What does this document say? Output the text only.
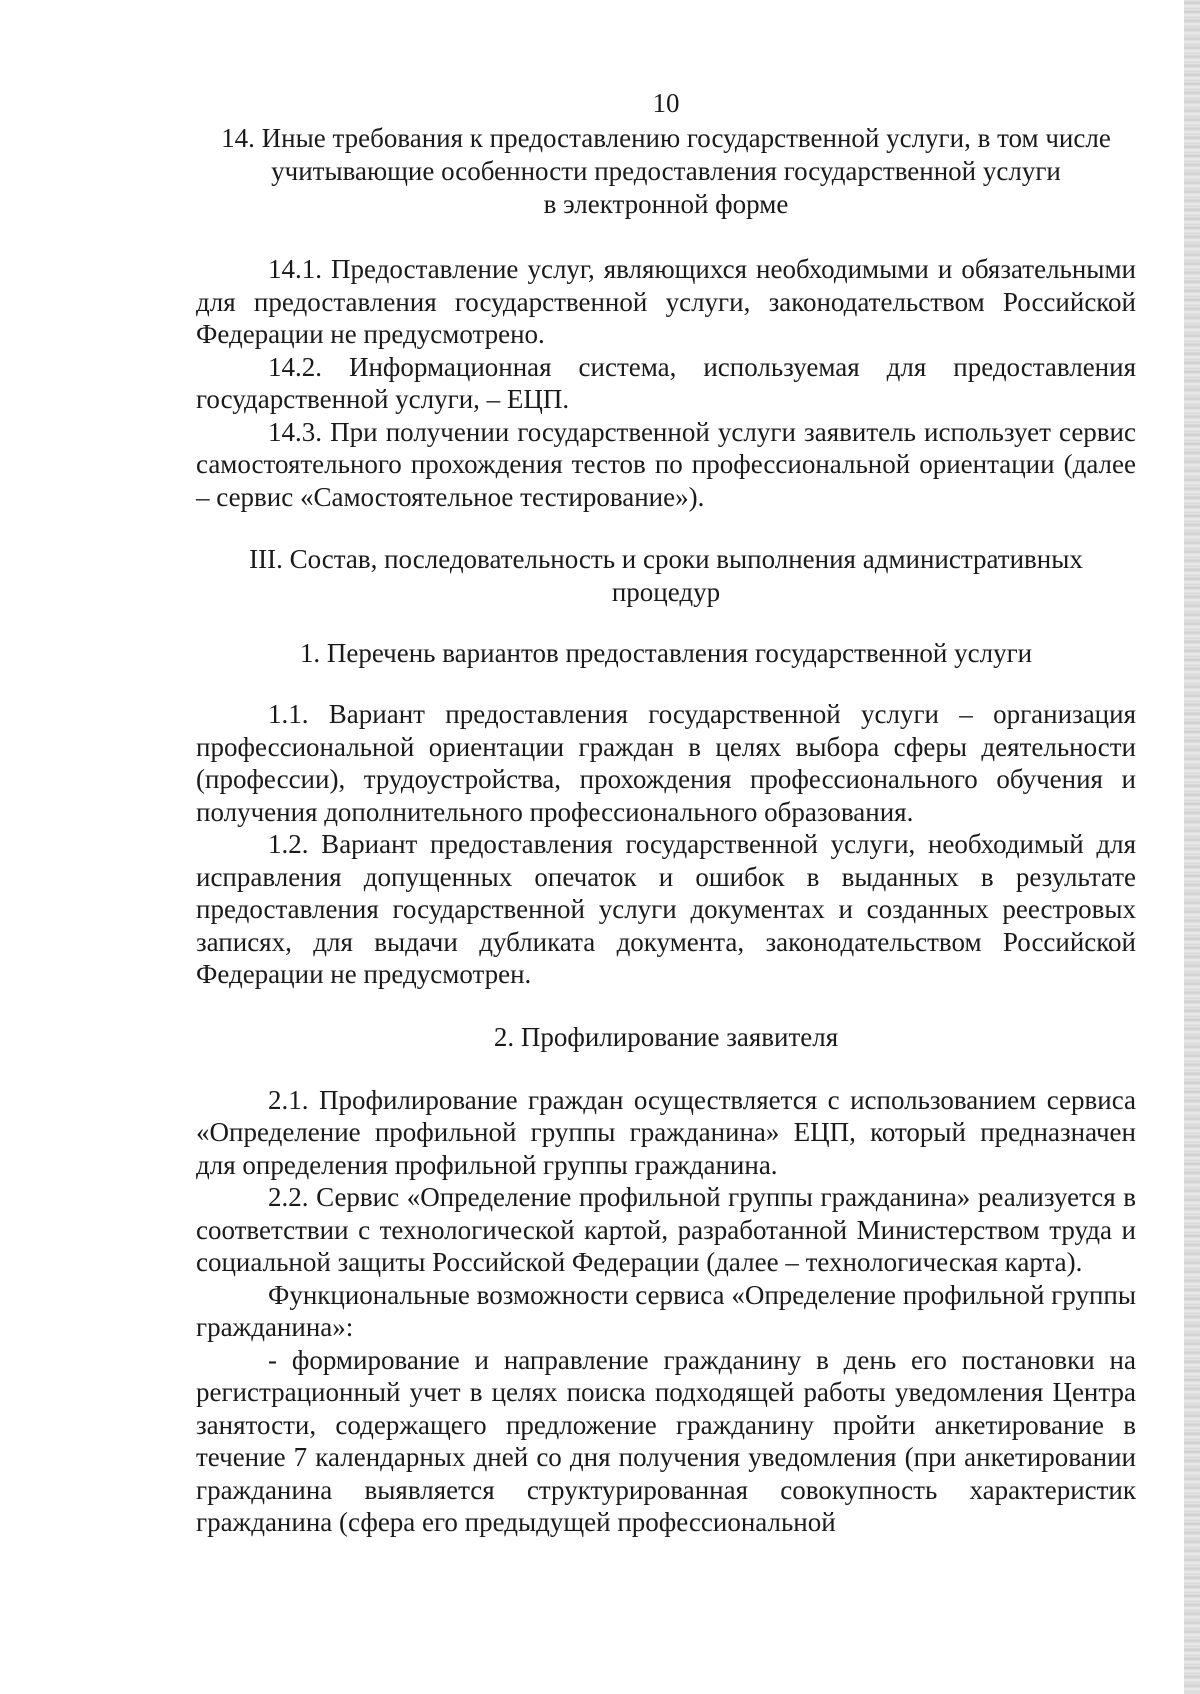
10
14. Иные требования к предоставлению государственной услуги, в том числе
учитывающие особенности предоставления государственной услуги
в электронной форме

14.1. Предоставление услуг, являющихся необходимыми и обязательными для предоставления государственной услуги, законодательством Российской Федерации не предусмотрено.

14.2. Информационная система, используемая для предоставления государственной услуги, – ЕЦП.

14.3. При получении государственной услуги заявитель использует сервис самостоятельного прохождения тестов по профессиональной ориентации (далее – сервис «Самостоятельное тестирование»).

III. Состав, последовательность и сроки выполнения административных
процедур
1. Перечень вариантов предоставления государственной услуги

1.1. Вариант предоставления государственной услуги – организация профессиональной ориентации граждан в целях выбора сферы деятельности (профессии), трудоустройства, прохождения профессионального обучения и получения дополнительного профессионального образования.

1.2. Вариант предоставления государственной услуги, необходимый для исправления допущенных опечаток и ошибок в выданных в результате предоставления государственной услуги документах и созданных реестровых записях, для выдачи дубликата документа, законодательством Российской Федерации не предусмотрен.

2. Профилирование заявителя

2.1. Профилирование граждан осуществляется с использованием сервиса «Определение профильной группы гражданина» ЕЦП, который предназначен для определения профильной группы гражданина.

2.2. Сервис «Определение профильной группы гражданина» реализуется в соответствии с технологической картой, разработанной Министерством труда и социальной защиты Российской Федерации (далее – технологическая карта).

Функциональные возможности сервиса «Определение профильной группы гражданина»:

- формирование и направление гражданину в день его постановки на регистрационный учет в целях поиска подходящей работы уведомления Центра занятости, содержащего предложение гражданину пройти анкетирование в течение 7 календарных дней со дня получения уведомления (при анкетировании гражданина выявляется структурированная совокупность характеристик гражданина (сфера его предыдущей профессиональной
